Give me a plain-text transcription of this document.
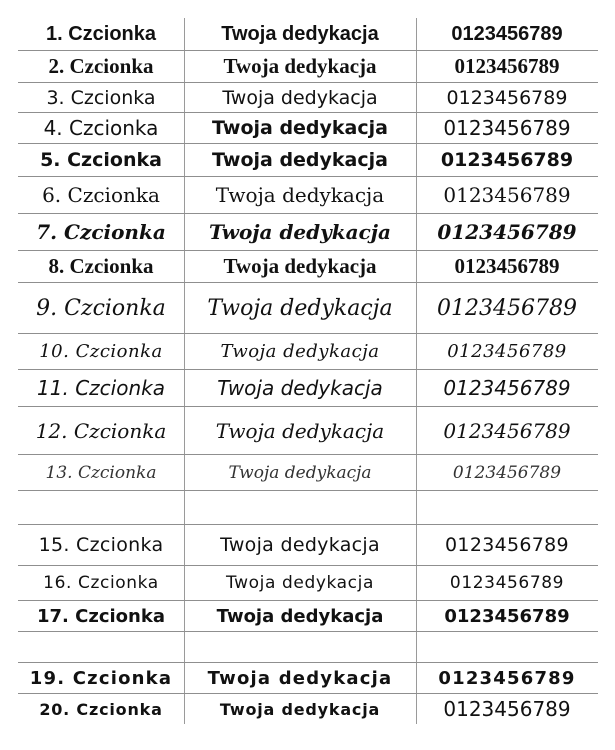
1. Czcionka	Twoja dedykacja	0123456789
2. Czcionka	Twoja dedykacja	0123456789
3. Czcionka	Twoja dedykacja	0123456789
4. Czcionka	Twoja dedykacja	0123456789
5. Czcionka	Twoja dedykacja	0123456789
6. Czcionka	Twoja dedykacja	0123456789
7. Czcionka	Twoja dedykacja	0123456789
8. Czcionka	Twoja dedykacja	0123456789
9. Czcionka	Twoja dedykacja	0123456789
10. Czcionka	Twoja dedykacja	0123456789
11. Czcionka	Twoja dedykacja	0123456789
12. Czcionka	Twoja dedykacja	0123456789
13. Czcionka	Twoja dedykacja	0123456789
15. Czcionka	Twoja dedykacja	0123456789
16. Czcionka	Twoja dedykacja	0123456789
17. Czcionka	Twoja dedykacja	0123456789
19. Czcionka	Twoja dedykacja	0123456789
20. Czcionka	Twoja dedykacja	0123456789
